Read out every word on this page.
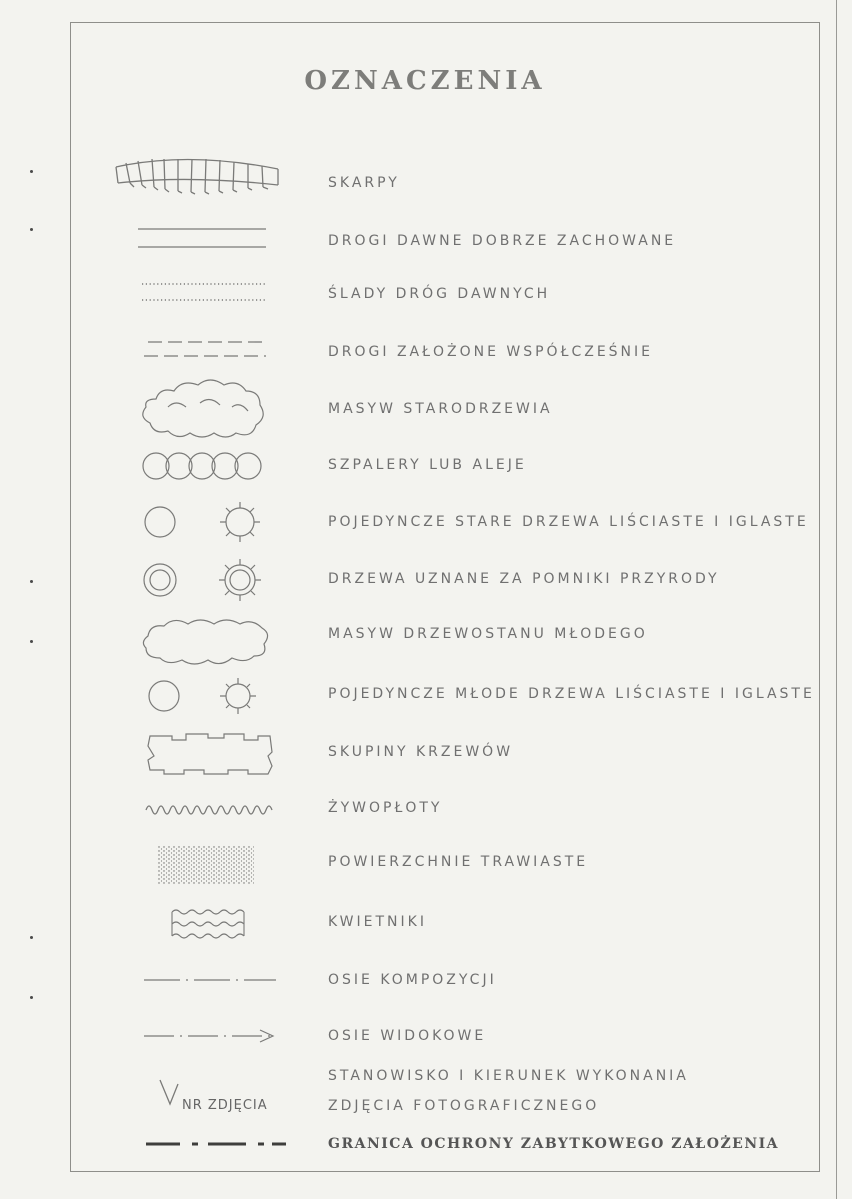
OZNACZENIA
SKARPY
DROGI DAWNE DOBRZE ZACHOWANE
ŚLADY DRÓG DAWNYCH
DROGI ZAŁOŻONE WSPÓŁCZEŚNIE
MASYW STARODRZEWIA
SZPALERY LUB ALEJE
POJEDYNCZE STARE DRZEWA LIŚCIASTE I IGLASTE
DRZEWA UZNANE ZA POMNIKI PRZYRODY
MASYW DRZEWOSTANU MŁODEGO
POJEDYNCZE MŁODE DRZEWA LIŚCIASTE I IGLASTE
SKUPINY KRZEWÓW
ŻYWOPŁOTY
POWIERZCHNIE TRAWIASTE
KWIETNIKI
OSIE KOMPOZYCJI
OSIE WIDOKOWE
STANOWISKO I KIERUNEK WYKONANIA
ZDJĘCIA FOTOGRAFICZNEGO
NR ZDJĘCIA
GRANICA OCHRONY ZABYTKOWEGO ZAŁOŻENIA
